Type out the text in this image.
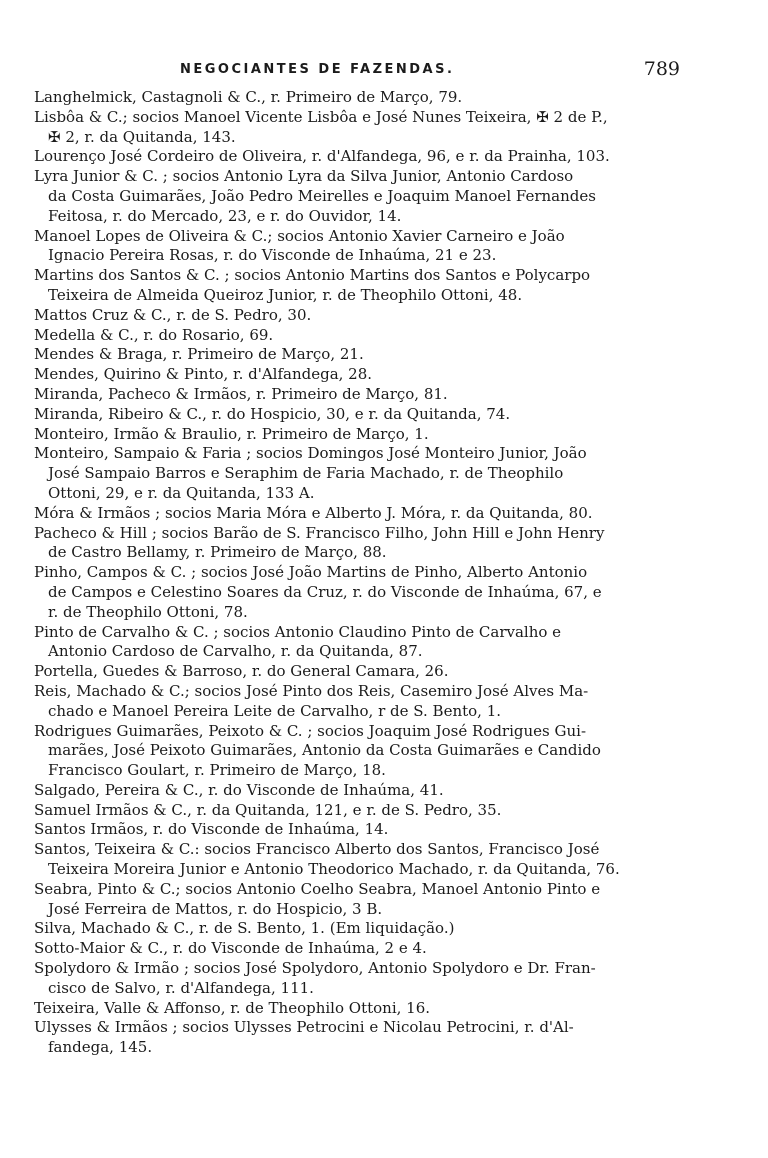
NEGOCIANTES DE FAZENDAS.	789
Langhelmick, Castagnoli & C., r. Primeiro de Março, 79.
Lisbôa & C.; socios Manoel Vicente Lisbôa e José Nunes Teixeira, ✠ 2 de P.,
✠ 2, r. da Quitanda, 143.
Lourenço José Cordeiro de Oliveira, r. d'Alfandega, 96, e r. da Prainha, 103.
Lyra Junior & C. ; socios Antonio Lyra da Silva Junior, Antonio Cardoso
da Costa Guimarães, João Pedro Meirelles e Joaquim Manoel Fernandes
Feitosa, r. do Mercado, 23, e r. do Ouvidor, 14.
Manoel Lopes de Oliveira & C.; socios Antonio Xavier Carneiro e João
Ignacio Pereira Rosas, r. do Visconde de Inhaúma, 21 e 23.
Martins dos Santos & C. ; socios Antonio Martins dos Santos e Polycarpo
Teixeira de Almeida Queiroz Junior, r. de Theophilo Ottoni, 48.
Mattos Cruz & C., r. de S. Pedro, 30.
Medella & C., r. do Rosario, 69.
Mendes & Braga, r. Primeiro de Março, 21.
Mendes, Quirino & Pinto, r. d'Alfandega, 28.
Miranda, Pacheco & Irmãos, r. Primeiro de Março, 81.
Miranda, Ribeiro & C., r. do Hospicio, 30, e r. da Quitanda, 74.
Monteiro, Irmão & Braulio, r. Primeiro de Março, 1.
Monteiro, Sampaio & Faria ; socios Domingos José Monteiro Junior, João
José Sampaio Barros e Seraphim de Faria Machado, r. de Theophilo
Ottoni, 29, e r. da Quitanda, 133 A.
Móra & Irmãos ; socios Maria Móra e Alberto J. Móra, r. da Quitanda, 80.
Pacheco & Hill ; socios Barão de S. Francisco Filho, John Hill e John Henry
de Castro Bellamy, r. Primeiro de Março, 88.
Pinho, Campos & C. ; socios José João Martins de Pinho, Alberto Antonio
de Campos e Celestino Soares da Cruz, r. do Visconde de Inhaúma, 67, e
r. de Theophilo Ottoni, 78.
Pinto de Carvalho & C. ; socios Antonio Claudino Pinto de Carvalho e
Antonio Cardoso de Carvalho, r. da Quitanda, 87.
Portella, Guedes & Barroso, r. do General Camara, 26.
Reis, Machado & C.; socios José Pinto dos Reis, Casemiro José Alves Ma-
chado e Manoel Pereira Leite de Carvalho, r de S. Bento, 1.
Rodrigues Guimarães, Peixoto & C. ; socios Joaquim José Rodrigues Gui-
marães, José Peixoto Guimarães, Antonio da Costa Guimarães e Candido
Francisco Goulart, r. Primeiro de Março, 18.
Salgado, Pereira & C., r. do Visconde de Inhaúma, 41.
Samuel Irmãos & C., r. da Quitanda, 121, e r. de S. Pedro, 35.
Santos Irmãos, r. do Visconde de Inhaúma, 14.
Santos, Teixeira & C.: socios Francisco Alberto dos Santos, Francisco José
Teixeira Moreira Junior e Antonio Theodorico Machado, r. da Quitanda, 76.
Seabra, Pinto & C.; socios Antonio Coelho Seabra, Manoel Antonio Pinto e
José Ferreira de Mattos, r. do Hospicio, 3 B.
Silva, Machado & C., r. de S. Bento, 1. (Em liquidação.)
Sotto-Maior & C., r. do Visconde de Inhaúma, 2 e 4.
Spolydoro & Irmão ; socios José Spolydoro, Antonio Spolydoro e Dr. Fran-
cisco de Salvo, r. d'Alfandega, 111.
Teixeira, Valle & Affonso, r. de Theophilo Ottoni, 16.
Ulysses & Irmãos ; socios Ulysses Petrocini e Nicolau Petrocini, r. d'Al-
fandega, 145.
